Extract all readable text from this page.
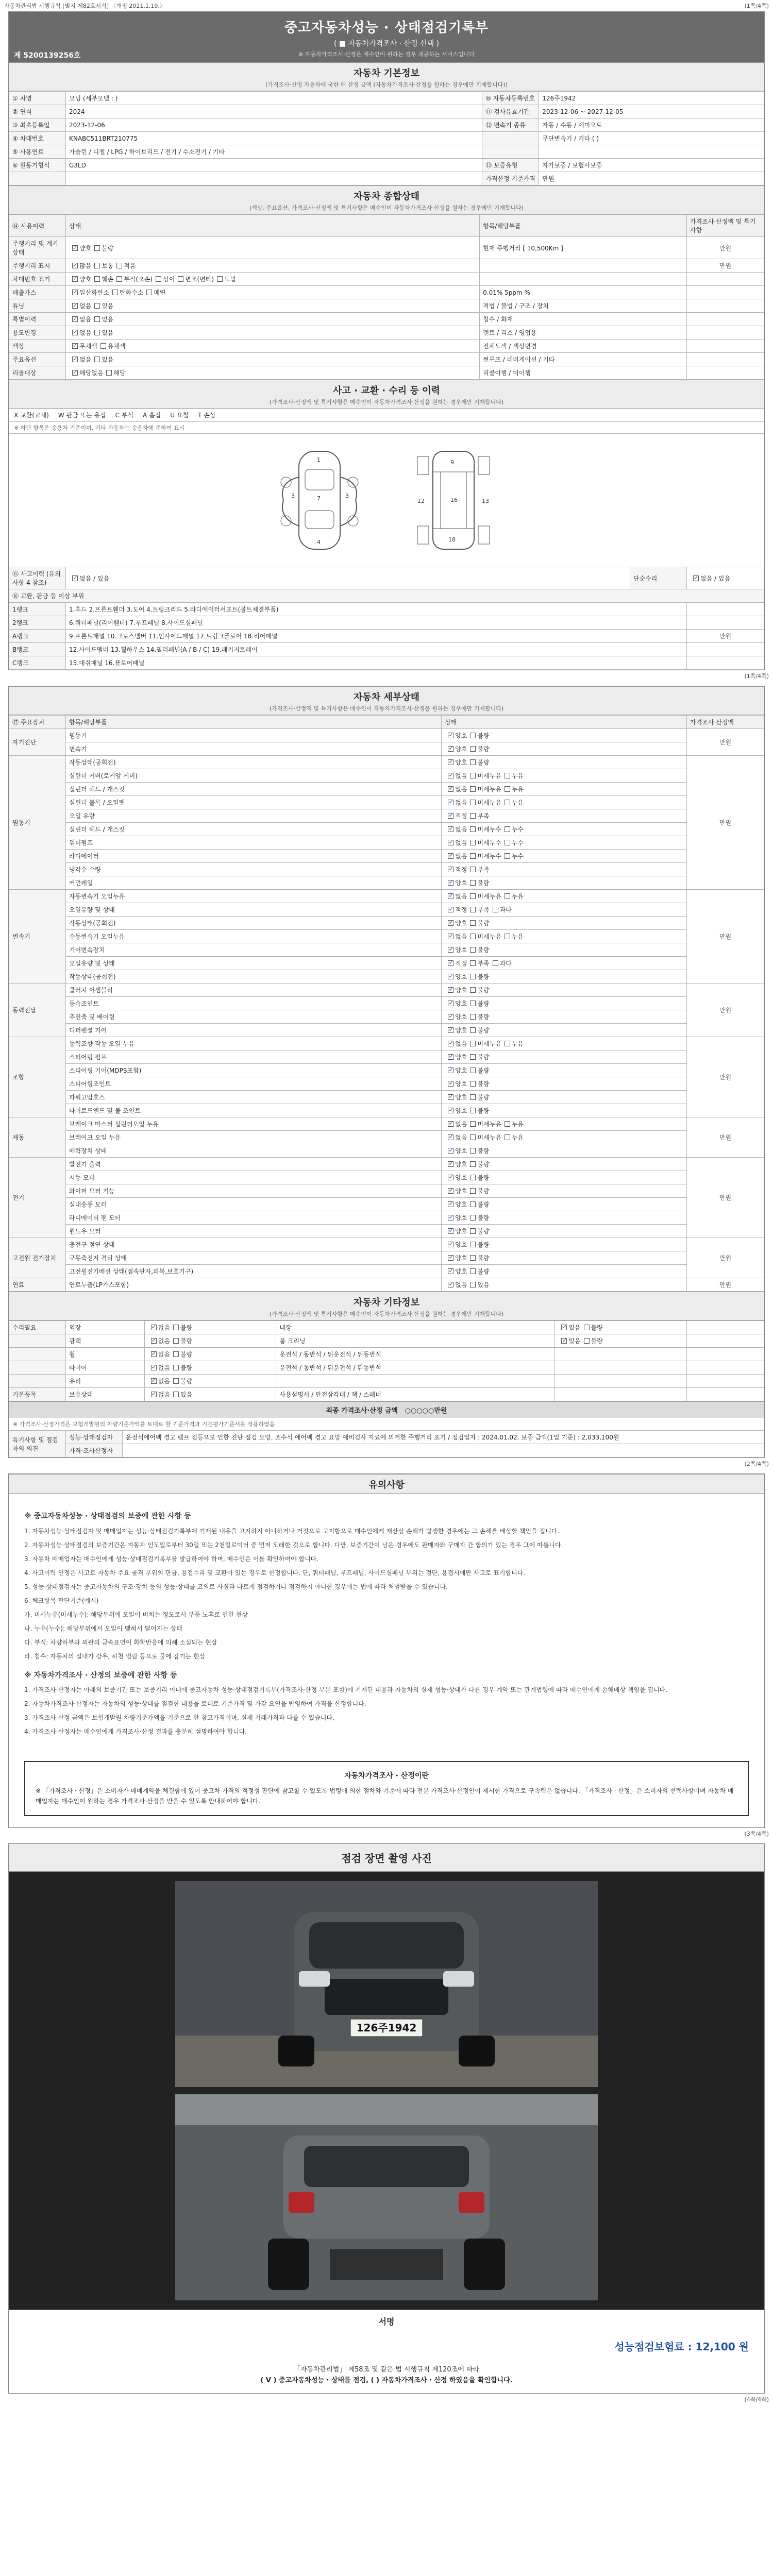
자동차관리법 시행규칙 [별지 제82호서식] 〈개정 2021.1.19.〉	(1쪽/4쪽)
중고자동차성능 · 상태점검기록부
( ■ 자동차가격조사 · 산정 선택 )
※ 자동차가격조사·산정은 매수인이 원하는 경우 제공하는 서비스입니다
제 5200139256호
자동차 기본정보
(가격조사·산정 자동차에 국한 해 산정 금액 (자동차가격조사·산정을 원하는 경우에만 기재합니다))
① 차명	모닝 (세부모델 : )	⑩ 자동차등록번호	126주1942
② 연식	2024	⑪ 검사유효기간	2023-12-06 ~ 2027-12-05
③ 최초등록일	2023-12-06	⑫ 변속기 종류	자동 / 수동 / 세미오토
④ 차대번호	KNABC511BRT210775		무단변속기 / 기타 ( )
⑤ 사용연료	가솔린 / 디젤 / LPG / 하이브리드 / 전기 / 수소전기 / 기타		
⑥ 원동기형식	G3LD	⑬ 보증유형	자가보증 / 보험사보증
		가격산정 기준가격	만원
자동차 종합상태
(색상, 주요옵션, 가격조사·산정액 및 특기사항은 매수인이 자동차가격조사·산정을 원하는 경우에만 기재합니다)
⑭ 사용이력	상태	항목/해당부품	가격조사·산정액 및 특기사항
주행거리 및 계기상태	✓양호 불량	현재 주행거리 [ 10,500Km ]	만원
주행거리 표시	✓많음 보통 적음		만원
차대번호 표기	✓양호 훼손 부식(오손) 상이 변조(변타) 도말		
배출가스	✓일산화탄소 탄화수소 매연	0.01% 5ppm %	
튜닝	✓없음 있음	적법 / 불법 / 구조 / 장치	
특별이력	✓없음 있음	침수 / 화재	
용도변경	✓없음 있음	렌트 / 리스 / 영업용	
색상	✓무채색 유채색	전체도색 / 색상변경	
주요옵션	✓없음 있음	썬루프 / 네비게이션 / 기타	
리콜대상	✓해당없음 해당	리콜이행 / 미이행	
사고 · 교환 · 수리 등 이력
(가격조사·산정액 및 특기사항은 매수인이 자동차가격조사·산정을 원하는 경우에만 기재합니다)
X 교환(교체) W 판금 또는 용접 C 부식 A 흠집 U 요철 T 손상
※ 하단 항목은 승용차 기준이며, 기타 자동차는 승용차에 준하여 표시
7
1
4
3	3
16
9
18
12	13
⑮ 사고이력 (유의사항 4 참조)	✓없음 / 있음	단순수리	✓없음 / 있음
⑯ 교환, 판금 등 이상 부위			
1랭크	1.후드 2.프론트휀더 3.도어 4.트렁크리드 5.라디에이터서포트(볼트체결부품)		
2랭크	6.쿼터패널(리어휀더) 7.루프패널 8.사이드실패널		
A랭크	9.프론트패널 10.크로스멤버 11.인사이드패널 17.트렁크플로어 18.리어패널		만원
B랭크	12.사이드멤버 13.휠하우스 14.필러패널(A / B / C) 19.패키지트레이		
C랭크	15.대쉬패널 16.플로어패널		
(1쪽/4쪽)
자동차 세부상태
(가격조사·산정액 및 특기사항은 매수인이 자동차가격조사·산정을 원하는 경우에만 기재합니다)
⑰ 주요장치	항목/해당부품	상태	가격조사·산정액
자기진단	원동기	✓양호 불량	만원
	변속기	✓양호 불량
원동기	작동상태(공회전)	✓양호 불량	만원
	실린더 커버(로커암 커버)	✓없음 미세누유 누유
	실린더 헤드 / 개스킷	✓없음 미세누유 누유
	실린더 블록 / 오일팬	✓없음 미세누유 누유
	오일 유량	✓적정 부족
	실린더 헤드 / 개스킷	✓없음 미세누수 누수
	워터펌프	✓없음 미세누수 누수
	라디에이터	✓없음 미세누수 누수
	냉각수 수량	✓적정 부족
	커먼레일	✓양호 불량
변속기	자동변속기 오일누유	✓없음 미세누유 누유	만원
	오일유량 및 상태	✓적정 부족 과다
	작동상태(공회전)	✓양호 불량
	수동변속기 오일누유	✓없음 미세누유 누유
	기어변속장치	✓양호 불량
	오일유량 및 상태	✓적정 부족 과다
	작동상태(공회전)	✓양호 불량
동력전달	클러치 어셈블리	✓양호 불량	만원
	등속조인트	✓양호 불량
	추진축 및 베어링	✓양호 불량
	디퍼렌셜 기어	✓양호 불량
조향	동력조향 작동 오일 누유	✓없음 미세누유 누유	만원
	스티어링 펌프	✓양호 불량
	스티어링 기어(MDPS포함)	✓양호 불량
	스티어링조인트	✓양호 불량
	파워고압호스	✓양호 불량
	타이로드엔드 및 볼 조인트	✓양호 불량
제동	브레이크 마스터 실린더오일 누유	✓없음 미세누유 누유	만원
	브레이크 오일 누유	✓없음 미세누유 누유
	배력장치 상태	✓양호 불량
전기	발전기 출력	✓양호 불량	만원
	시동 모터	✓양호 불량
	와이퍼 모터 기능	✓양호 불량
	실내송풍 모터	✓양호 불량
	라디에이터 팬 모터	✓양호 불량
	윈도우 모터	✓양호 불량
고전원 전기장치	충전구 절연 상태	✓양호 불량	만원
	구동축전지 격리 상태	✓양호 불량
	고전원전기배선 상태(접속단자,피복,보호기구)	✓양호 불량
연료	연료누출(LP가스포함)	✓없음 있음	만원
자동차 기타정보
(가격조사·산정액 및 특기사항은 매수인이 자동차가격조사·산정을 원하는 경우에만 기재합니다)
수리필요	외장	✓없음 불량	내장	✓있음 불량	
	광택	✓없음 불량	룸 크리닝	✓있음 불량	
	휠	✓없음 불량	운전석 / 동반석 / 뒤운전석 / 뒤동반석		
	타이어	✓없음 불량	운전석 / 동반석 / 뒤운전석 / 뒤동반석		
	유리	✓없음 불량			
기본품목	보유상태	✓없음 있음	사용설명서 / 안전삼각대 / 잭 / 스패너		
최종 가격조사·산정 금액 ○○○○○만원
※ 가격조사·산정가격은 보험개발원의 차량기준가액을 토대로 한 기준가격과 기본평가기준서를 적용하였음
특기사항 및 점검자의 의견	성능·상태점검자	운전석에어백 경고 램프 점등으로 인한 진단 점검 요망, 조수석 에어백 경고 요망 예비검사 자료에 의거한 주행거리 표기 / 점검일자 : 2024.01.02. 보증 금액(1일 기준) : 2,033,100원
	가격·조사산정자	
(2쪽/4쪽)
유의사항
※ 중고자동차성능 · 상태점검의 보증에 관한 사항 등

1. 자동차성능·상태점검자 및 매매업자는 성능·상태점검기록부에 기재된 내용을 고지하지 아니하거나 거짓으로 고지함으로 매수인에게 재산상 손해가 발생한 경우에는 그 손해를 배상할 책임을 집니다.

2. 자동차성능·상태점검의 보증기간은 자동차 인도일로부터 30일 또는 2천킬로미터 중 먼저 도래한 것으로 합니다. 다만, 보증기간이 남은 경우에도 판매자와 구매자 간 합의가 있는 경우 그에 따릅니다.

3. 자동차 매매업자는 매수인에게 성능·상태점검기록부를 발급하여야 하며, 매수인은 이를 확인하여야 합니다.

4. 사고이력 인정은 사고로 자동차 주요 골격 부위의 판금, 용접수리 및 교환이 있는 경우로 한정합니다. 단, 쿼터패널, 루프패널, 사이드실패널 부위는 절단, 용접시에만 사고로 표기합니다.

5. 성능·상태점검자는 중고자동차의 구조·장치 등의 성능·상태를 고의로 사실과 다르게 점검하거나 점검하지 아니한 경우에는 법에 따라 처벌받을 수 있습니다.

6. 체크항목 판단기준(예시)

가. 미세누유(미세누수): 해당부위에 오일이 비치는 정도로서 부품 노후로 인한 현상

나. 누유(누수): 해당부위에서 오일이 맺혀서 떨어지는 상태

다. 부식: 차량하부와 외판의 금속표면이 화학반응에 의해 소실되는 현상

라. 침수: 자동차의 실내가 강우, 하천 범람 등으로 물에 잠기는 현상

※ 자동차가격조사 · 산정의 보증에 관한 사항 등

1. 가격조사·산정자는 아래의 보증기간 또는 보증거리 이내에 중고자동차 성능·상태점검기록부(가격조사·산정 부분 포함)에 기재된 내용과 자동차의 실제 성능·상태가 다른 경우 계약 또는 관계법령에 따라 매수인에게 손해배상 책임을 집니다.

2. 자동차가격조사·산정자는 자동차의 성능·상태를 점검한 내용을 토대로 기준가격 및 가감 요인을 반영하여 가격을 산정합니다.

3. 가격조사·산정 금액은 보험개발원 차량기준가액을 기준으로 한 참고가격이며, 실제 거래가격과 다를 수 있습니다.

4. 가격조사·산정자는 매수인에게 가격조사·산정 결과를 충분히 설명하여야 합니다.

자동차가격조사 · 산정이란
※ 「가격조사 · 산정」은 소비자가 매매계약을 체결함에 있어 중고차 가격의 적정성 판단에 참고할 수 있도록 법령에 의한 절차와 기준에 따라 전문 가격조사·산정인이 제시한 가격으로 구속력은 없습니다. 「가격조사 · 산정」은 소비자의 선택사항이며 자동차 매매업자는 매수인이 원하는 경우 가격조사·산정을 받을 수 있도록 안내하여야 합니다.
(3쪽/4쪽)
점검 장면 촬영 사진
126주1942
서명
성능점검보험료 : 12,100 원
「자동차관리법」 제58조 및 같은 법 시행규칙 제120조에 따라
( V ) 중고자동차성능 · 상태를 점검, ( ) 자동차가격조사 · 산정 하였음을 확인합니다.
(4쪽/4쪽)
